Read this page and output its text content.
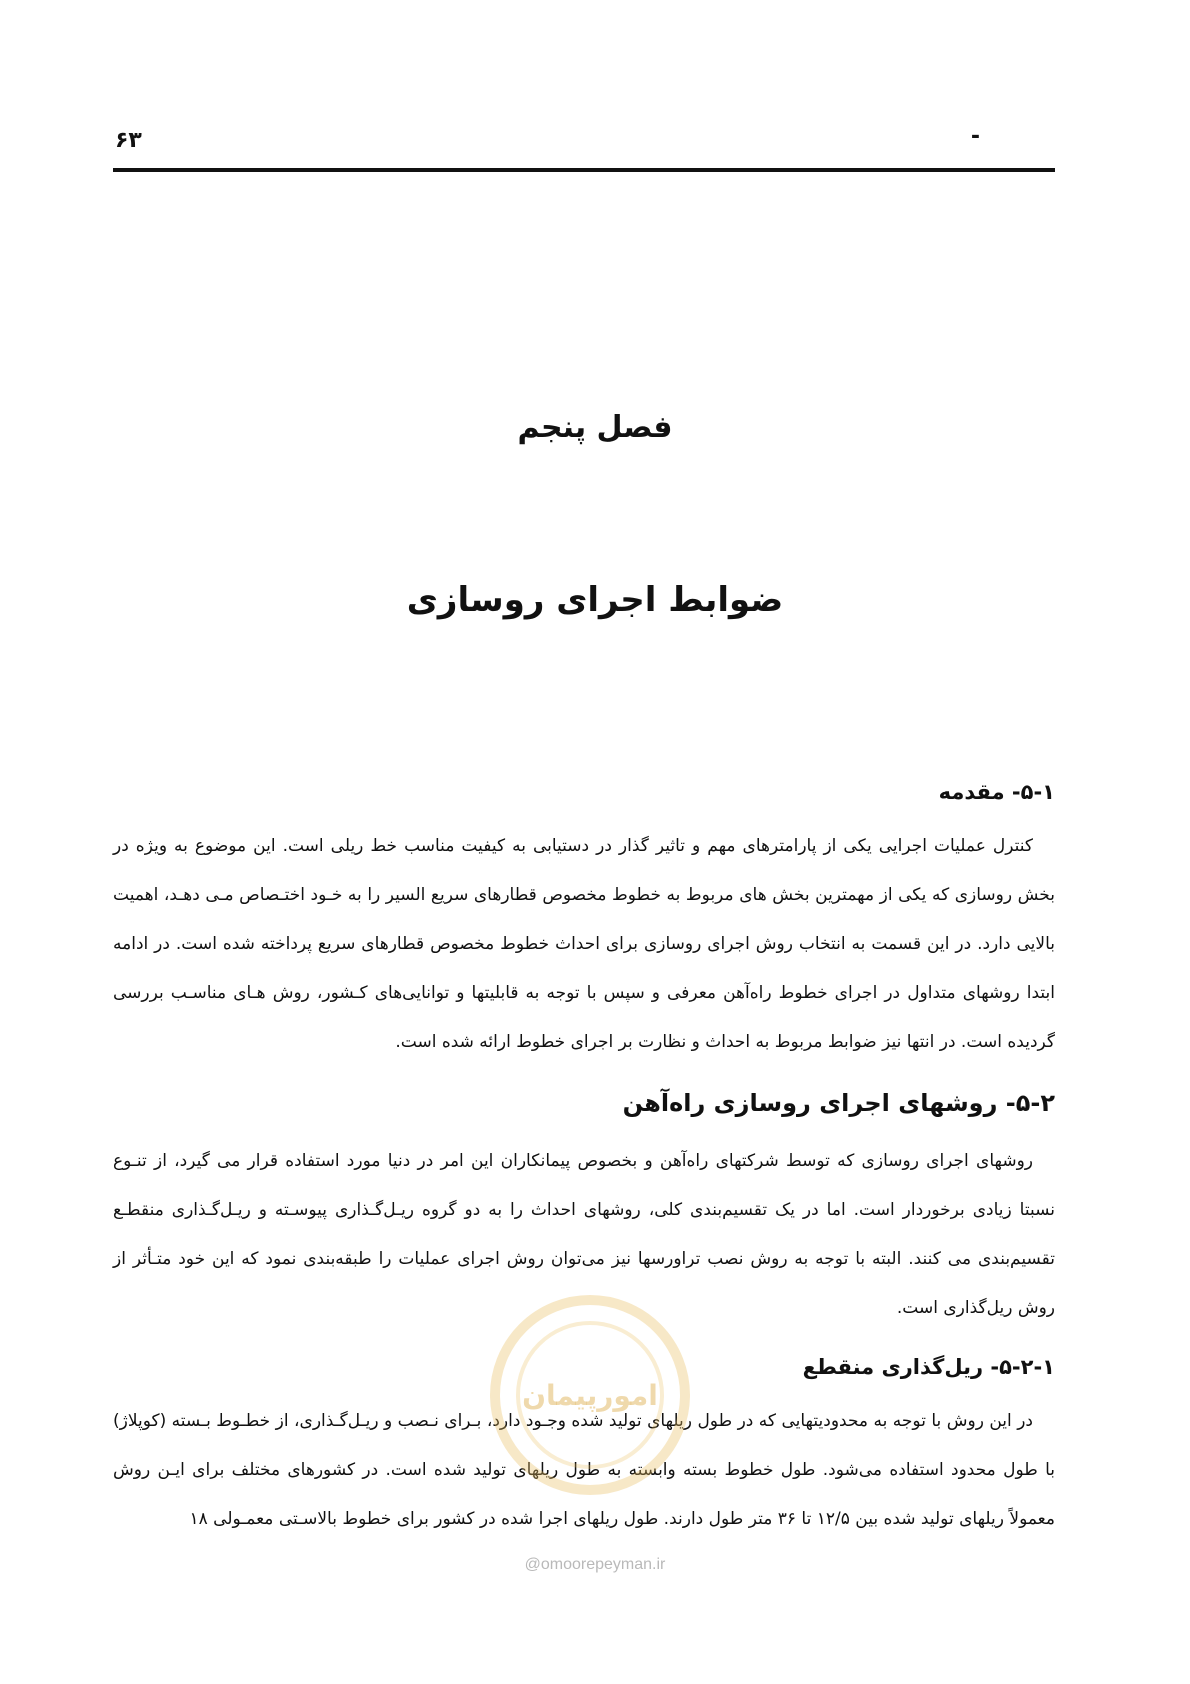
۶۳	-
فصل پنجم
ضوابط اجرای روسازی
۵-۱- مقدمه

کنترل عملیات اجرایی یکی از پارامترهای مهم و تاثیر گذار در دستیابی به کیفیت مناسب خط ریلی است. این موضوع به ویژه در بخش روسازی که یکی از مهمترین بخش های مربوط به خطوط مخصوص قطارهای سریع السیر را به خـود اختـصاص مـی دهـد، اهمیت بالایی دارد. در این قسمت به انتخاب روش اجرای روسازی برای احداث خطوط مخصوص قطارهای سریع پرداخته شده است. در ادامه ابتدا روشهای متداول در اجرای خطوط راه‌آهن معرفی و سپس با توجه به قابلیتها و توانایی‌های کـشور، روش هـای مناسـب بررسی گردیده است. در انتها نیز ضوابط مربوط به احداث و نظارت بر اجرای خطوط ارائه شده است.

۵-۲- روشهای اجرای روسازی راه‌آهن

روشهای اجرای روسازی که توسط شرکتهای راه‌آهن و بخصوص پیمانکاران این امر در دنیا مورد استفاده قرار می گیرد، از تنـوع نسبتا زیادی برخوردار است. اما در یک تقسیم‌بندی کلی، روشهای احداث را به دو گروه ریـل‌گـذاری پیوسـته و ریـل‌گـذاری منقطـع تقسیم‌بندی می کنند. البته با توجه به روش نصب تراورسها نیز می‌توان روش اجرای عملیات را طبقه‌بندی نمود که این خود متـأثر از روش ریل‌گذاری است.

۵-۲-۱- ریل‌گذاری منقطع

در این روش با توجه به محدودیتهایی که در طول ریلهای تولید شده وجـود دارد، بـرای نـصب و ریـل‌گـذاری، از خطـوط بـسته (کوپلاژ) با طول محدود استفاده می‌شود. طول خطوط بسته وابسته به طول ریلهای تولید شده است. در کشورهای مختلف برای ایـن روش معمولاً ریلهای تولید شده بین ۱۲/۵ تا ۳۶ متر طول دارند. طول ریلهای اجرا شده در کشور برای خطوط بالاسـتی معمـولی ۱۸

امورپیمان
@omoorepeyman.ir
